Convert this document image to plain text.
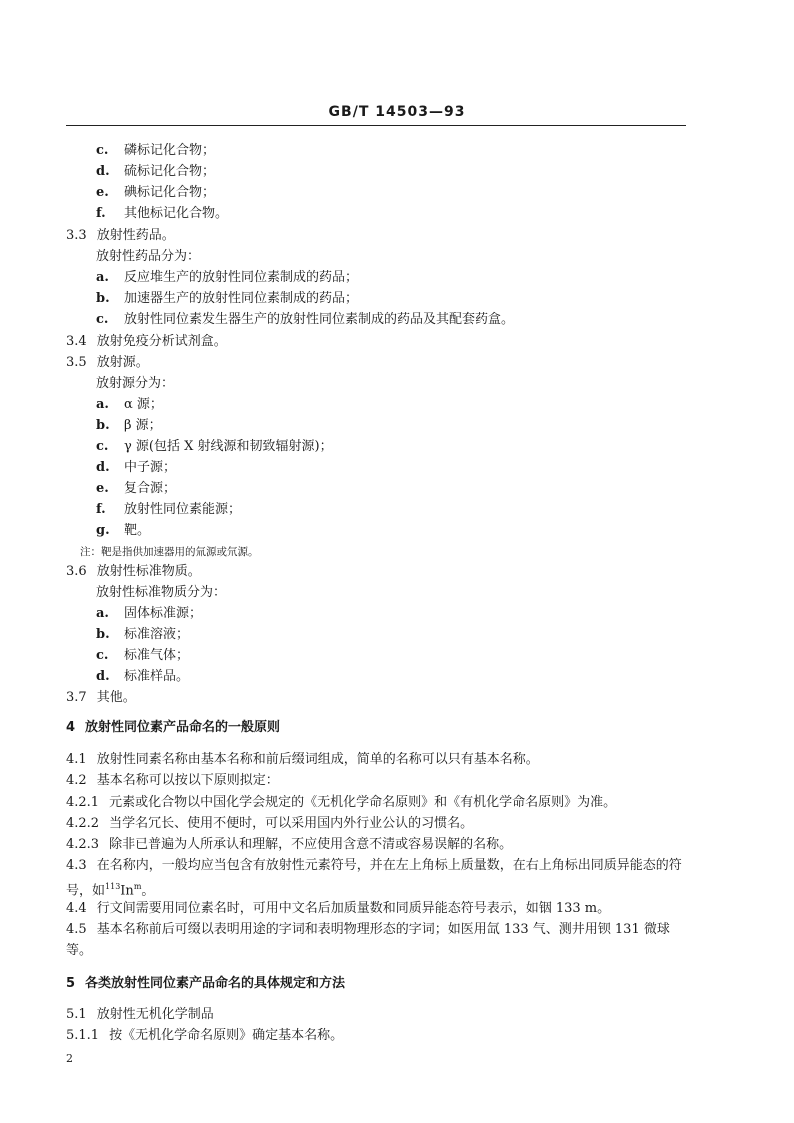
GB/T 14503—93
c. 磷标记化合物；
d. 硫标记化合物；
e. 碘标记化合物；
f. 其他标记化合物。
3.3 放射性药品。
放射性药品分为：
a. 反应堆生产的放射性同位素制成的药品；
b. 加速器生产的放射性同位素制成的药品；
c. 放射性同位素发生器生产的放射性同位素制成的药品及其配套药盒。
3.4 放射免疫分析试剂盒。
3.5 放射源。
放射源分为：
a. α 源；
b. β 源；
c. γ 源(包括 X 射线源和韧致辐射源)；
d. 中子源；
e. 复合源；
f. 放射性同位素能源；
g. 靶。
注：靶是指供加速器用的氚源或氘源。
3.6 放射性标准物质。
放射性标准物质分为：
a. 固体标准源；
b. 标准溶液；
c. 标准气体；
d. 标准样品。
3.7 其他。
4 放射性同位素产品命名的一般原则
4.1 放射性同素名称由基本名称和前后缀词组成，简单的名称可以只有基本名称。
4.2 基本名称可以按以下原则拟定：
4.2.1 元素或化合物以中国化学会规定的《无机化学命名原则》和《有机化学命名原则》为准。
4.2.2 当学名冗长、使用不便时，可以采用国内外行业公认的习惯名。
4.2.3 除非已普遍为人所承认和理解，不应使用含意不清或容易误解的名称。
4.3 在名称内，一般均应当包含有放射性元素符号，并在左上角标上质量数，在右上角标出同质异能态的符号，如$^{113}$In$^m$。
4.4 行文间需要用同位素名时，可用中文名后加质量数和同质异能态符号表示，如铟 133 m。
4.5 基本名称前后可缀以表明用途的字词和表明物理形态的字词；如医用氙 133 气、测井用钡 131 微球等。
5 各类放射性同位素产品命名的具体规定和方法
5.1 放射性无机化学制品
5.1.1 按《无机化学命名原则》确定基本名称。
2
